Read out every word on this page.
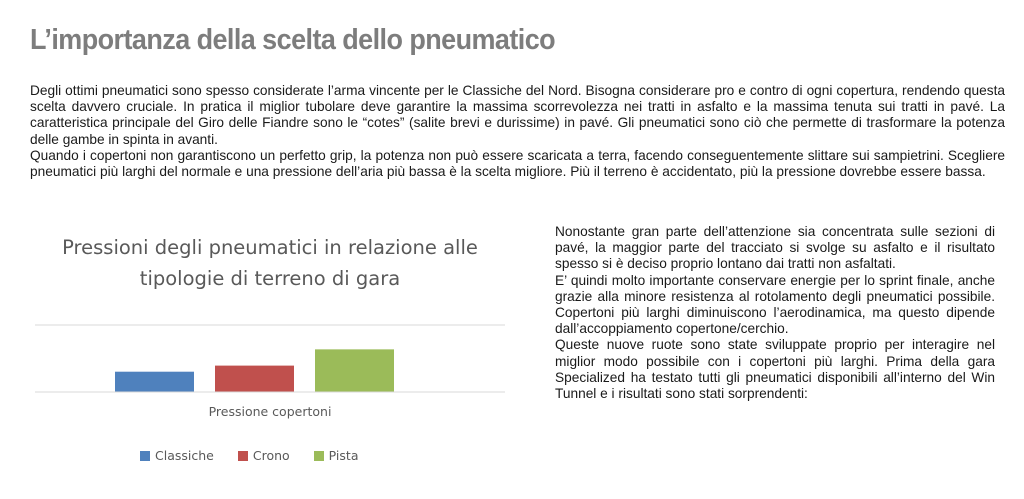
L’importanza della scelta dello pneumatico

Degli ottimi pneumatici sono spesso considerate l’arma vincente per le Classiche del Nord. Bisogna considerare pro e contro di ogni copertura, rendendo questa scelta davvero cruciale. In pratica il miglior tubolare deve garantire la massima scorrevolezza nei tratti in asfalto e la massima tenuta sui tratti in pavé. La caratteristica principale del Giro delle Fiandre sono le “cotes” (salite brevi e durissime) in pavé. Gli pneumatici sono ciò che permette di trasformare la potenza delle gambe in spinta in avanti.

Quando i copertoni non garantiscono un perfetto grip, la potenza non può essere scaricata a terra, facendo conseguentemente slittare sui sampietrini. Scegliere pneumatici più larghi del normale e una pressione dell’aria più bassa è la scelta migliore. Più il terreno è accidentato, più la pressione dovrebbe essere bassa.

Pressioni degli pneumatici in relazione alle tipologie di terreno di gara
Pressione copertoni
Classiche	Crono	Pista

Nonostante gran parte dell’attenzione sia concentrata sulle sezioni di pavé, la maggior parte del tracciato si svolge su asfalto e il risultato spesso si è deciso proprio lontano dai tratti non asfaltati.

E’ quindi molto importante conservare energie per lo sprint finale, anche grazie alla minore resistenza al rotolamento degli pneumatici possibile. Copertoni più larghi diminuiscono l’aerodinamica, ma questo dipende dall’accoppiamento copertone/cerchio.

Queste nuove ruote sono state sviluppate proprio per interagire nel miglior modo possibile con i copertoni più larghi. Prima della gara Specialized ha testato tutti gli pneumatici disponibili all’interno del Win Tunnel e i risultati sono stati sorprendenti:
